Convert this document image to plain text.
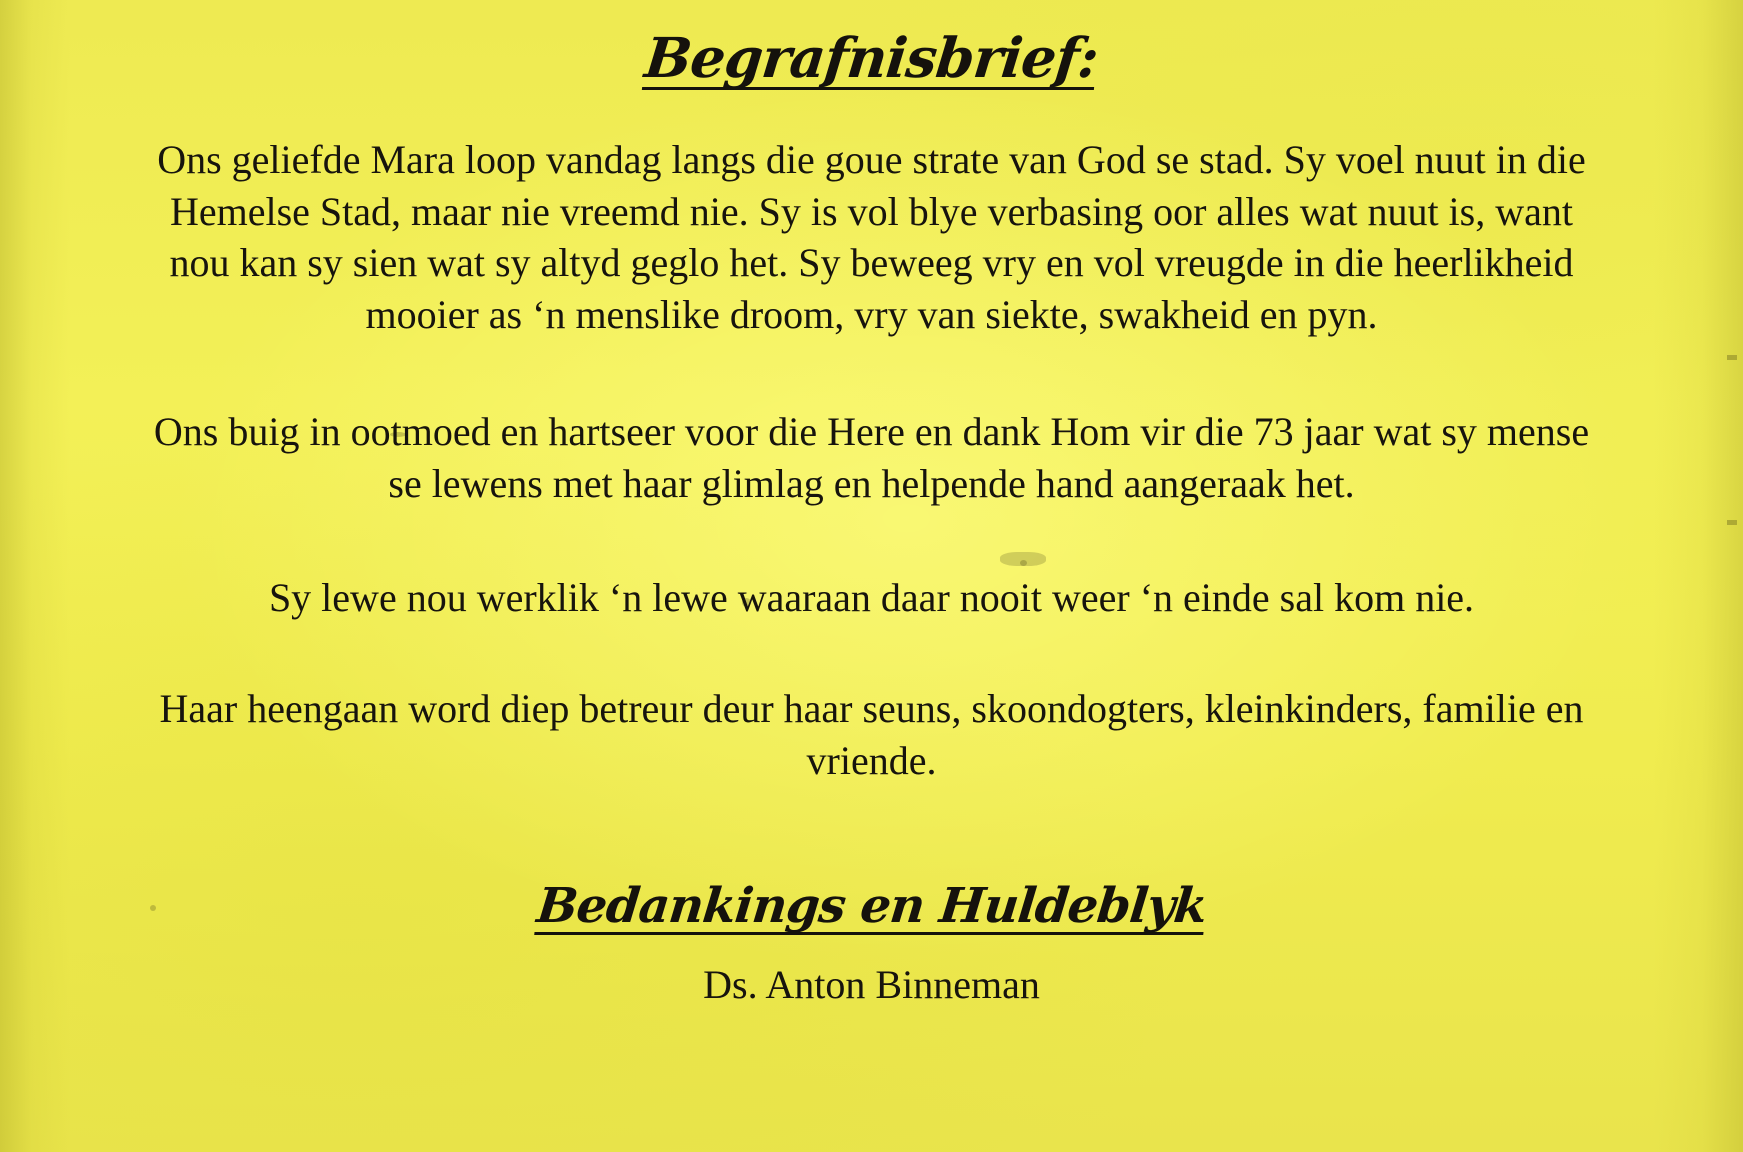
Begrafnisbrief:

Ons geliefde Mara loop vandag langs die goue strate van God se stad. Sy voel nuut in die Hemelse Stad, maar nie vreemd nie. Sy is vol blye verbasing oor alles wat nuut is, want nou kan sy sien wat sy altyd geglo het. Sy beweeg vry en vol vreugde in die heerlikheid mooier as ‘n menslike droom, vry van siekte, swakheid en pyn.

Ons buig in ootmoed en hartseer voor die Here en dank Hom vir die 73 jaar wat sy mense se lewens met haar glimlag en helpende hand aangeraak het.

Sy lewe nou werklik ‘n lewe waaraan daar nooit weer ‘n einde sal kom nie.

Haar heengaan word diep betreur deur haar seuns, skoondogters, kleinkinders, familie en vriende.

Bedankings en Huldeblyk
Ds. Anton Binneman
